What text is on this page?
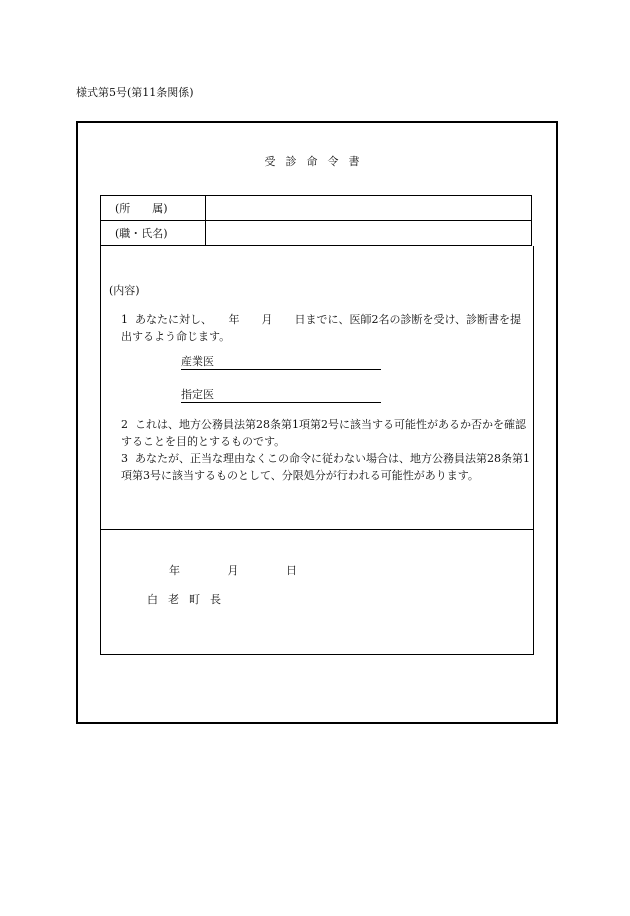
様式第5号(第11条関係)
受診命令書
(所　　属)	

(職・氏名)	

(内容)
1 あなたに対し、　　年　　月　　日までに、医師2名の診断を受け、診断書を提出するよう命じます。
産業医
指定医
2 これは、地方公務員法第28条第1項第2号に該当する可能性があるか否かを確認することを目的とするものです。
3 あなたが、正当な理由なくこの命令に従わない場合は、地方公務員法第28条第1項第3号に該当するものとして、分限処分が行われる可能性があります。
年	月	日
白老町長
